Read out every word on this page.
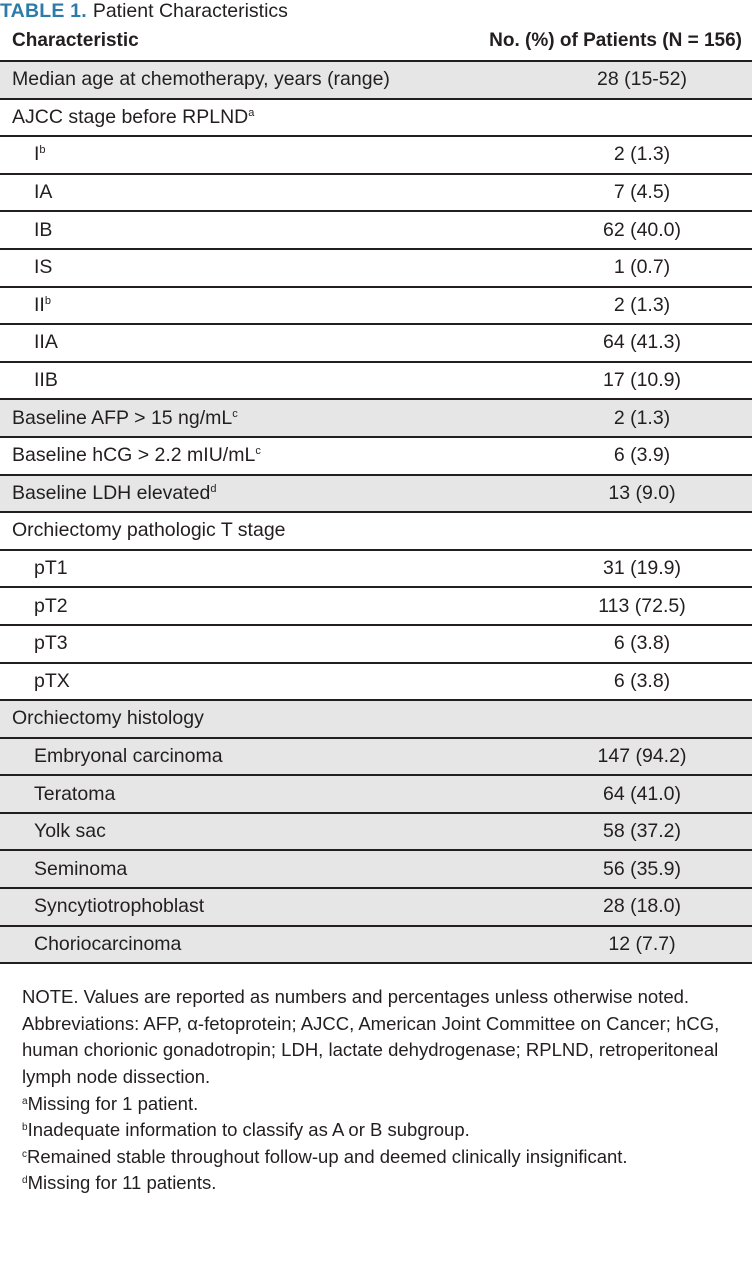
TABLE 1. Patient Characteristics
Characteristic	No. (%) of Patients (N = 156)
Median age at chemotherapy, years (range)	28 (15-52)
AJCC stage before RPLND$^a$
$I^b$	2 (1.3)
IA	7 (4.5)
IB	62 (40.0)
IS	1 (0.7)
$II^b$	2 (1.3)
IIA	64 (41.3)
IIB	17 (10.9)
Baseline AFP > 15 $ng/mL^c$	2 (1.3)
Baseline hCG > 2.2 mIU/$mL^c$	6 (3.9)
Baseline LDH elevated$^d$	13 (9.0)
Orchiectomy pathologic T stage
pT1	31 (19.9)
pT2	113 (72.5)
pT3	6 (3.8)
pTX	6 (3.8)
Orchiectomy histology
Embryonal carcinoma	147 (94.2)
Teratoma	64 (41.0)
Yolk sac	58 (37.2)
Seminoma	56 (35.9)
Syncytiotrophoblast	28 (18.0)
Choriocarcinoma	12 (7.7)

NOTE. Values are reported as numbers and percentages unless otherwise noted.

Abbreviations: AFP, α-fetoprotein; AJCC, American Joint Committee on Cancer; hCG, human chorionic gonadotropin; LDH, lactate dehydrogenase; RPLND, retroperitoneal lymph node dissection.

$^a$Missing for 1 patient.

$^b$Inadequate information to classify as A or B subgroup.

$^c$Remained stable throughout follow-up and deemed clinically insignificant.

$^d$Missing for 11 patients.
